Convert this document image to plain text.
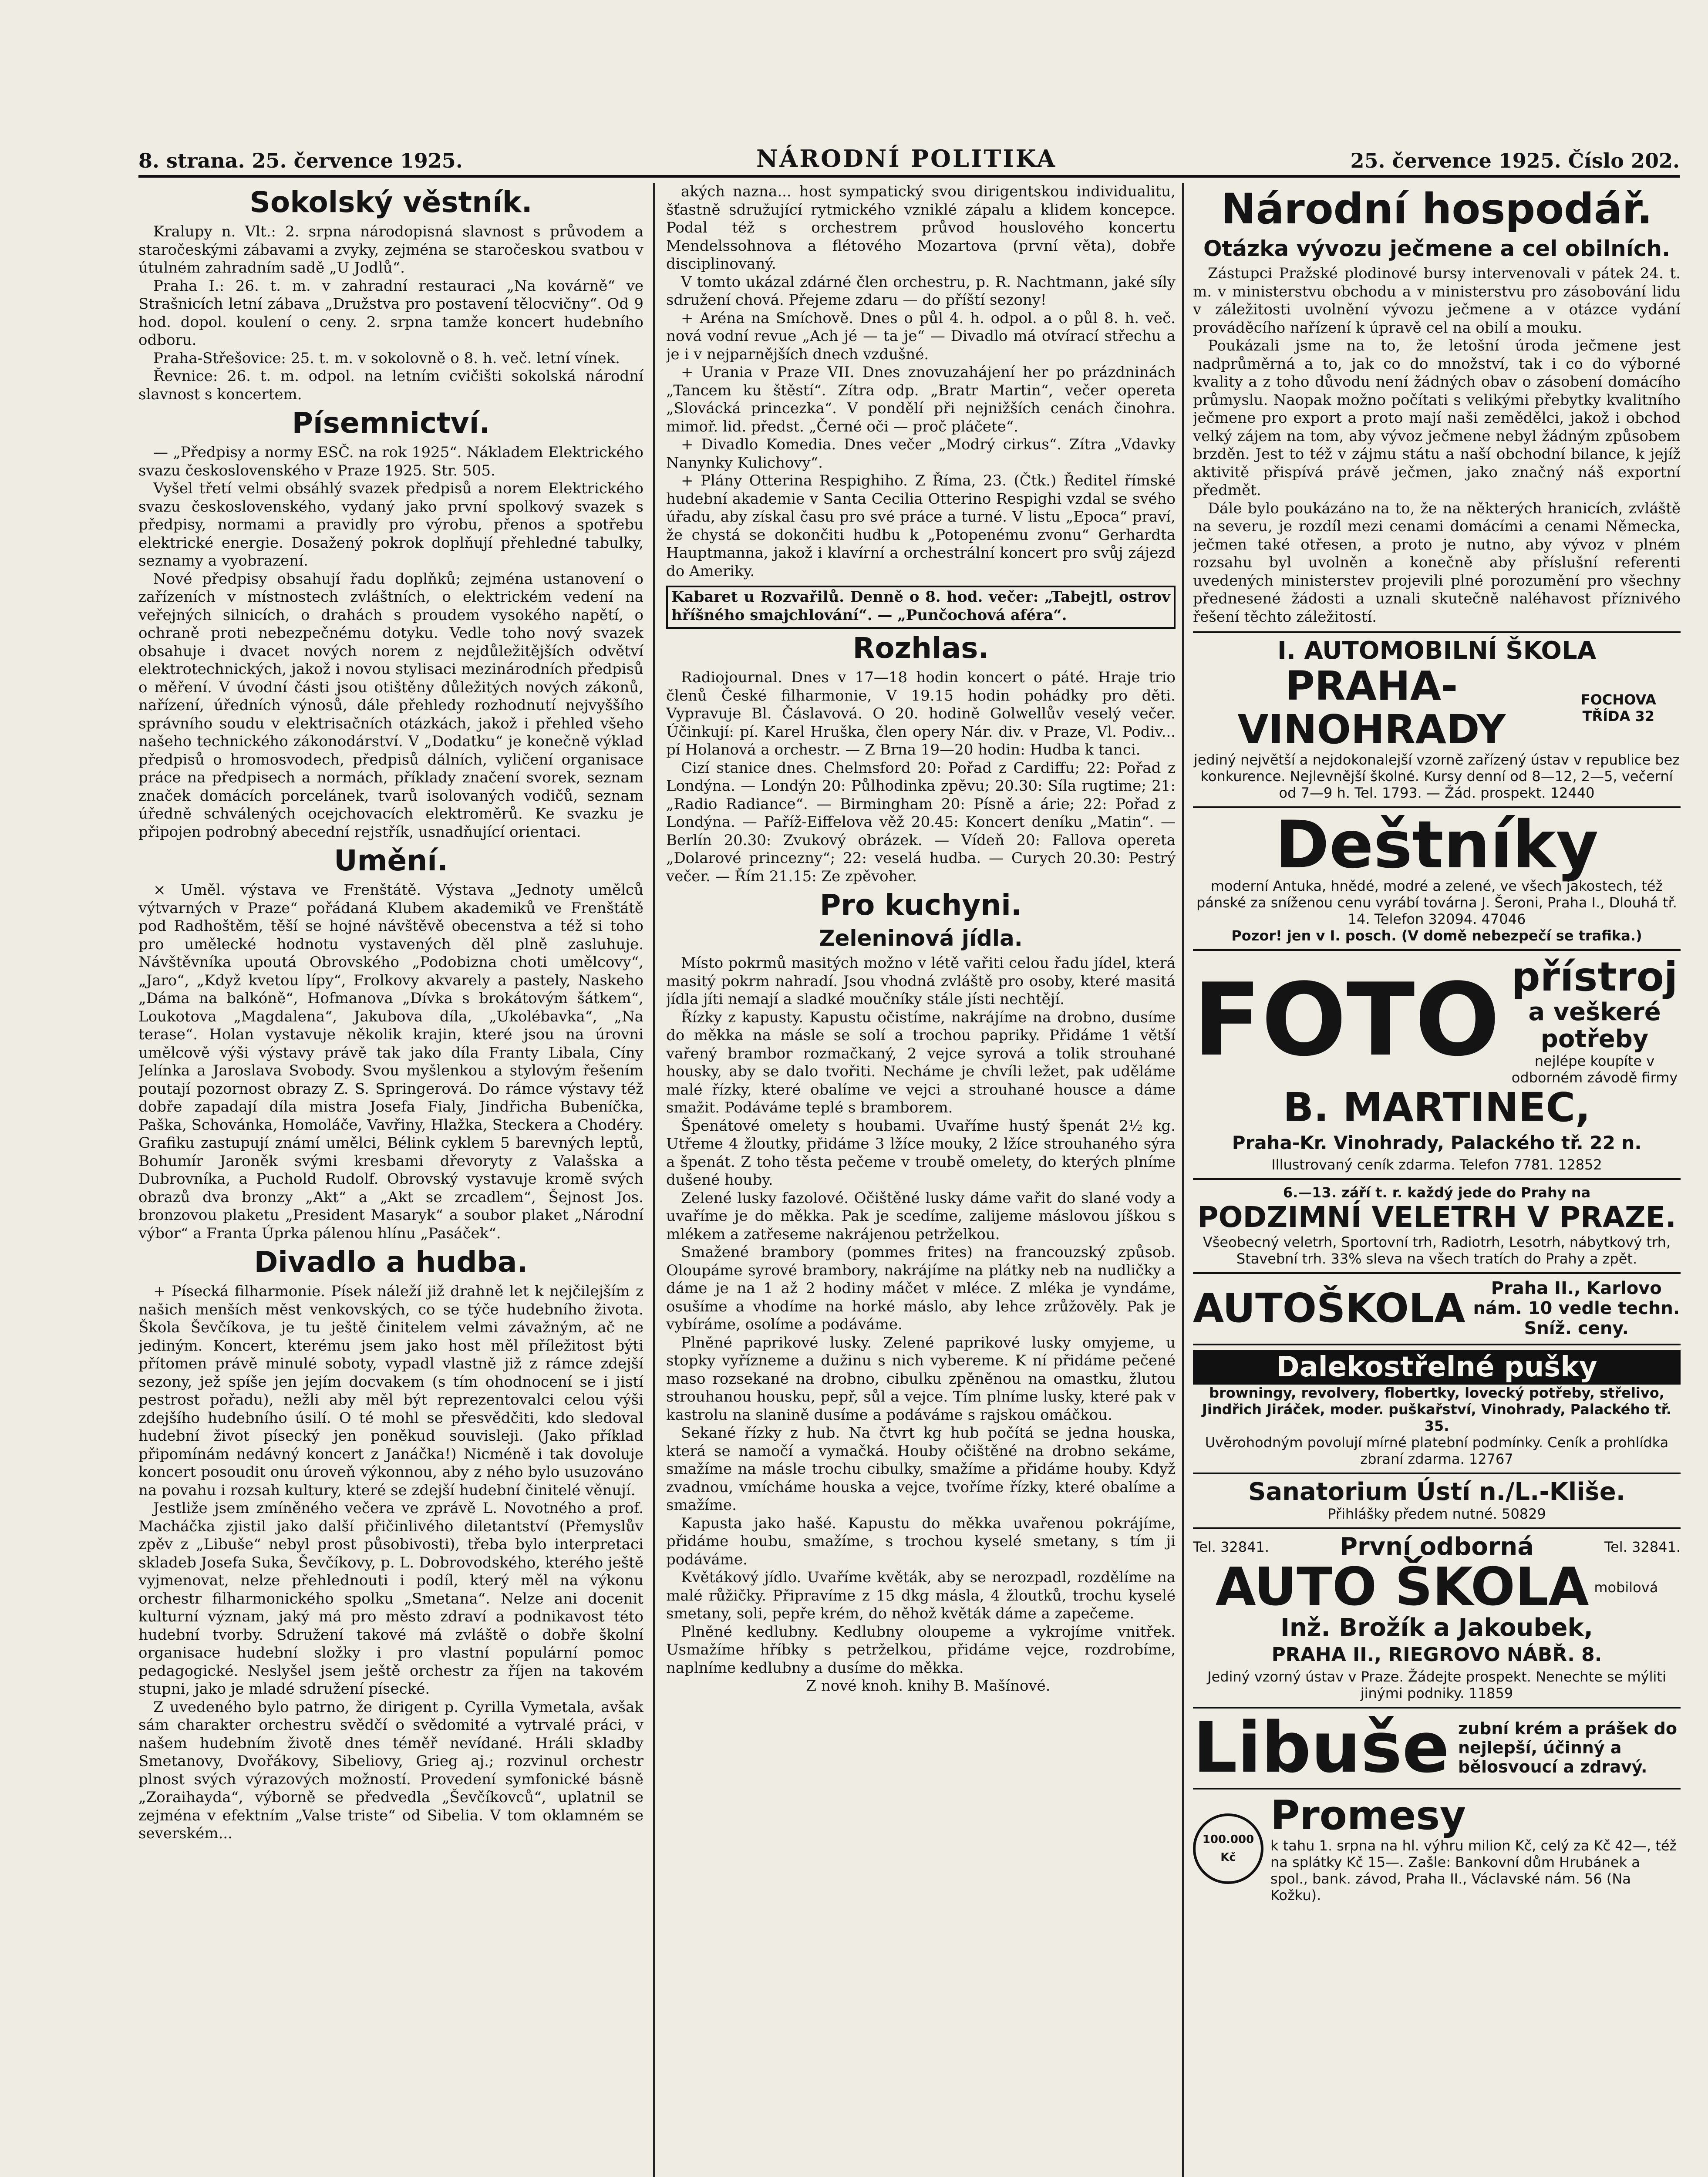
8. strana. 25. července 1925.	NÁRODNÍ POLITIKA	25. července 1925. Číslo 202.
Sokolský věstník.

Kralupy n. Vlt.: 2. srpna národopisná slavnost s průvodem a staročeskými zábavami a zvyky, zejména se staročeskou svatbou v útulném zahradním sadě „U Jodlů“.

Praha I.: 26. t. m. v zahradní restauraci „Na kovárně“ ve Strašnicích letní zábava „Družstva pro postavení tělocvičny“. Od 9 hod. dopol. koulení o ceny. 2. srpna tamže koncert hudebního odboru.

Praha-Střešovice: 25. t. m. v sokolovně o 8. h. več. letní vínek.

Řevnice: 26. t. m. odpol. na letním cvičišti sokolská národní slavnost s koncertem.

Písemnictví.

— „Předpisy a normy ESČ. na rok 1925“. Nákladem Elektrického svazu československého v Praze 1925. Str. 505.

Vyšel třetí velmi obsáhlý svazek předpisů a norem Elektrického svazu československého, vydaný jako první spolkový svazek s předpisy, normami a pravidly pro výrobu, přenos a spotřebu elektrické energie. Dosažený pokrok doplňují přehledné tabulky, seznamy a vyobrazení.

Nové předpisy obsahují řadu doplňků; zejména ustanovení o zařízeních v místnostech zvláštních, o elektrickém vedení na veřejných silnicích, o drahách s proudem vysokého napětí, o ochraně proti nebezpečnému dotyku. Vedle toho nový svazek obsahuje i dvacet nových norem z nejdůležitějších odvětví elektrotechnických, jakož i novou stylisaci mezinárodních předpisů o měření. V úvodní části jsou otištěny důležitých nových zákonů, nařízení, úředních výnosů, dále přehledy rozhodnutí nejvyššího správního soudu v elektrisačních otázkách, jakož i přehled všeho našeho technického zákonodárství. V „Dodatku“ je konečně výklad předpisů o hromosvodech, předpisů dálních, vyličení organisace práce na předpisech a normách, příklady značení svorek, seznam značek domácích porcelánek, tvarů isolovaných vodičů, seznam úředně schválených ocejchovacích elektroměrů. Ke svazku je připojen podrobný abecední rejstřík, usnadňující orientaci.

Umění.

× Uměl. výstava ve Frenštátě. Výstava „Jednoty umělců výtvarných v Praze“ pořádaná Klubem akademiků ve Frenštátě pod Radhoštěm, těší se hojné návštěvě obecenstva a též si toho pro umělecké hodnotu vystavených děl plně zasluhuje. Návštěvníka upoutá Obrovského „Podobizna choti umělcovy“, „Jaro“, „Když kvetou lípy“, Frolkovy akvarely a pastely, Naskeho „Dáma na balkóně“, Hofmanova „Dívka s brokátovým šátkem“, Loukotova „Magdalena“, Jakubova díla, „Ukolébavka“, „Na terase“. Holan vystavuje několik krajin, které jsou na úrovni umělcově výši výstavy právě tak jako díla Franty Libala, Cíny Jelínka a Jaroslava Svobody. Svou myšlenkou a stylovým řešením poutají pozornost obrazy Z. S. Springerová. Do rámce výstavy též dobře zapadají díla mistra Josefa Fialy, Jindřicha Bubeníčka, Paška, Schovánka, Homoláče, Vavřiny, Hlažka, Steckera a Chodéry. Grafiku zastupují známí umělci, Bélink cyklem 5 barevných leptů, Bohumír Jaroněk svými kresbami dřevoryty z Valašska a Dubrovníka, a Puchold Rudolf. Obrovský vystavuje kromě svých obrazů dva bronzy „Akt“ a „Akt se zrcadlem“, Šejnost Jos. bronzovou plaketu „President Masaryk“ a soubor plaket „Národní výbor“ a Franta Úprka pálenou hlínu „Pasáček“.

Divadlo a hudba.

+ Písecká filharmonie. Písek náleží již drahně let k nejčilejším z našich menších měst venkovských, co se týče hudebního života. Škola Ševčíkova, je tu ještě činitelem velmi závažným, ač ne jediným. Koncert, kterému jsem jako host měl příležitost býti přítomen právě minulé soboty, vypadl vlastně již z rámce zdejší sezony, jež spíše jen jejím docvakem (s tím ohodnocení se i jistí pestrost pořadu), nežli aby měl být reprezentovalci celou výši zdejšího hudebního úsilí. O té mohl se přesvědčiti, kdo sledoval hudební život písecký jen poněkud souvisleji. (Jako příklad připomínám nedávný koncert z Janáčka!) Nicméně i tak dovoluje koncert posoudit onu úroveň výkonnou, aby z ného bylo usuzováno na povahu i rozsah kultury, které se zdejší hudební činitelé věnují.

Jestliže jsem zmíněného večera ve zprávě L. Novotného a prof. Macháčka zjistil jako další přičinlivého diletantství (Přemyslův zpěv z „Libuše“ nebyl prost působivosti), třeba bylo interpretaci skladeb Josefa Suka, Ševčíkovy, p. L. Dobrovodského, kterého ještě vyjmenovat, nelze přehlednouti i podíl, který měl na výkonu orchestr filharmonického spolku „Smetana“. Nelze ani docenit kulturní význam, jaký má pro město zdraví a podnikavost této hudební tvorby. Sdružení takové má zvláště o dobře školní organisace hudební složky i pro vlastní populární pomoc pedagogické. Neslyšel jsem ještě orchestr za říjen na takovém stupni, jako je mladé sdružení písecké.

Z uvedeného bylo patrno, že dirigent p. Cyrilla Vymetala, avšak sám charakter orchestru svědčí o svědomité a vytrvalé práci, v našem hudebním životě dnes téměř nevídané. Hráli skladby Smetanovy, Dvořákovy, Sibeliovy, Grieg aj.; rozvinul orchestr plnost svých výrazových možností. Provedení symfonické básně „Zoraihayda“, výborně se předvedla „Ševčíkovců“, uplatnil se zejména v efektním „Valse triste“ od Sibelia. V tom oklamném se severském...

akých nazna... host sympatický svou dirigentskou individualitu, šťastně sdružující rytmického vzniklé zápalu a klidem koncepce. Podal též s orchestrem průvod houslového koncertu Mendelssohnova a flétového Mozartova (první věta), dobře disciplinovaný.

V tomto ukázal zdárné člen orchestru, p. R. Nachtmann, jaké síly sdružení chová. Přejeme zdaru — do příští sezony!

+ Aréna na Smíchově. Dnes o půl 4. h. odpol. a o půl 8. h. več. nová vodní revue „Ach jé — ta je“ — Divadlo má otvírací střechu a je i v nejparnějších dnech vzdušné.

+ Urania v Praze VII. Dnes znovuzahájení her po prázdninách „Tancem ku štěstí“. Zítra odp. „Bratr Martin“, večer opereta „Slovácká princezka“. V pondělí při nejnižších cenách činohra. mimoř. lid. předst. „Černé oči — proč pláčete“.

+ Divadlo Komedia. Dnes večer „Modrý cirkus“. Zítra „Vdavky Nanynky Kulichovy“.

+ Plány Otterina Respighiho. Z Říma, 23. (Čtk.) Ředitel římské hudební akademie v Santa Cecilia Otterino Respighi vzdal se svého úřadu, aby získal času pro své práce a turné. V listu „Epoca“ praví, že chystá se dokončiti hudbu k „Potopenému zvonu“ Gerhardta Hauptmanna, jakož i klavírní a orchestrální koncert pro svůj zájezd do Ameriky.

Kabaret u Rozvařilů. Denně o 8. hod. večer: „Tabejtl, ostrov hříšného smajchlování“. — „Punčochová aféra“.
Rozhlas.

Radiojournal. Dnes v 17—18 hodin koncert o páté. Hraje trio členů České filharmonie, V 19.15 hodin pohádky pro děti. Vypravuje Bl. Čáslavová. O 20. hodině Golwellův veselý večer. Účinkují: pí. Karel Hruška, člen opery Nár. div. v Praze, Vl. Podiv... pí Holanová a orchestr. — Z Brna 19—20 hodin: Hudba k tanci.

Cizí stanice dnes. Chelmsford 20: Pořad z Cardiffu; 22: Pořad z Londýna. — Londýn 20: Půlhodinka zpěvu; 20.30: Síla rugtime; 21: „Radio Radiance“. — Birmingham 20: Písně a árie; 22: Pořad z Londýna. — Paříž-Eiffelova věž 20.45: Koncert deníku „Matin“. — Berlín 20.30: Zvukový obrázek. — Vídeň 20: Fallova opereta „Dolarové princezny“; 22: veselá hudba. — Curych 20.30: Pestrý večer. — Řím 21.15: Ze zpěvoher.

Pro kuchyni.
Zeleninová jídla.

Místo pokrmů masitých možno v létě vařiti celou řadu jídel, která masitý pokrm nahradí. Jsou vhodná zvláště pro osoby, které masitá jídla jíti nemají a sladké moučníky stále jísti nechtějí.

Řízky z kapusty. Kapustu očistíme, nakrájíme na drobno, dusíme do měkka na másle se solí a trochou papriky. Přidáme 1 větší vařený brambor rozmačkaný, 2 vejce syrová a tolik strouhané housky, aby se dalo tvořiti. Necháme je chvíli ležet, pak uděláme malé řízky, které obalíme ve vejci a strouhané housce a dáme smažit. Podáváme teplé s bramborem.

Špenátové omelety s houbami. Uvaříme hustý špenát 2½ kg. Utřeme 4 žloutky, přidáme 3 lžíce mouky, 2 lžíce strouhaného sýra a špenát. Z toho těsta pečeme v troubě omelety, do kterých plníme dušené houby.

Zelené lusky fazolové. Očištěné lusky dáme vařit do slané vody a uvaříme je do měkka. Pak je scedíme, zalijeme máslovou jíškou s mlékem a zatřeseme nakrájenou petrželkou.

Smažené brambory (pommes frites) na francouzský způsob. Oloupáme syrové brambory, nakrájíme na plátky neb na nudličky a dáme je na 1 až 2 hodiny máčet v mléce. Z mléka je vyndáme, osušíme a vhodíme na horké máslo, aby lehce zrůžověly. Pak je vybíráme, osolíme a podáváme.

Plněné paprikové lusky. Zelené paprikové lusky omyjeme, u stopky vyřízneme a dužinu s nich vybereme. K ní přidáme pečené maso rozsekané na drobno, cibulku zpěněnou na omastku, žlutou strouhanou housku, pepř, sůl a vejce. Tím plníme lusky, které pak v kastrolu na slanině dusíme a podáváme s rajskou omáčkou.

Sekané řízky z hub. Na čtvrt kg hub počítá se jedna houska, která se namočí a vymačká. Houby očištěné na drobno sekáme, smažíme na másle trochu cibulky, smažíme a přidáme houby. Když zvadnou, vmícháme houska a vejce, tvoříme řízky, které obalíme a smažíme.

Kapusta jako hašé. Kapustu do měkka uvařenou pokrájíme, přidáme houbu, smažíme, s trochou kyselé smetany, s tím ji podáváme.

Květákový jídlo. Uvaříme květák, aby se nerozpadl, rozdělíme na malé růžičky. Připravíme z 15 dkg másla, 4 žloutků, trochu kyselé smetany, soli, pepře krém, do něhož květák dáme a zapečeme.

Plněné kedlubny. Kedlubny oloupeme a vykrojíme vnitřek. Usmažíme hříbky s petrželkou, přidáme vejce, rozdrobíme, naplníme kedlubny a dusíme do měkka.

Z nové knoh. knihy B. Mašínové.

Národní hospodář.
Otázka vývozu ječmene a cel obilních.

Zástupci Pražské plodinové bursy intervenovali v pátek 24. t. m. v ministerstvu obchodu a v ministerstvu pro zásobování lidu v záležitosti uvolnění vývozu ječmene a v otázce vydání prováděcího nařízení k úpravě cel na obilí a mouku.

Poukázali jsme na to, že letošní úroda ječmene jest nadprůměrná a to, jak co do množství, tak i co do výborné kvality a z toho důvodu není žádných obav o zásobení domácího průmyslu. Naopak možno počítati s velikými přebytky kvalitního ječmene pro export a proto mají naši zemědělci, jakož i obchod velký zájem na tom, aby vývoz ječmene nebyl žádným způsobem brzděn. Jest to též v zájmu státu a naší obchodní bilance, k jejíž aktivitě přispívá právě ječmen, jako značný náš exportní předmět.

Dále bylo poukázáno na to, že na některých hranicích, zvláště na severu, je rozdíl mezi cenami domácími a cenami Německa, ječmen také otřesen, a proto je nutno, aby vývoz v plném rozsahu byl uvolněn a konečně aby příslušní referenti uvedených ministerstev projevili plné porozumění pro všechny přednesené žádosti a uznali skutečně naléhavost příznivého řešení těchto záležitostí.

I. AUTOMOBILNÍ ŠKOLA
PRAHA-VINOHRADY
FOCHOVA TŘÍDA 32
jediný největší a nejdokonalejší vzorně zařízený ústav v republice bez konkurence. Nejlevnější školné. Kursy denní od 8—12, 2—5, večerní od 7—9 h. Tel. 1793. — Žád. prospekt. 12440
Deštníky
moderní Antuka, hnědé, modré a zelené, ve všech jakostech, též pánské za sníženou cenu vyrábí továrna J. Šeroni, Praha I., Dlouhá tř. 14. Telefon 32094. 47046
Pozor! jen v I. posch. (V domě nebezpečí se trafika.)
FOTO přístroj
a veškeré potřeby
nejlépe koupíte v odborném závodě firmy
B. MARTINEC,
Praha-Kr. Vinohrady, Palackého tř. 22 n.
Illustrovaný ceník zdarma. Telefon 7781. 12852
6.—13. září t. r. každý jede do Prahy na
PODZIMNÍ VELETRH V PRAZE.
Všeobecný veletrh, Sportovní trh, Radiotrh, Lesotrh, nábytkový trh, Stavební trh. 33% sleva na všech tratích do Prahy a zpět.
AUTOŠKOLA	Praha II., Karlovo nám. 10 vedle techn. Sníž. ceny.
Dalekostřelné pušky
browningy, revolvery, flobertky, lovecký potřeby, střelivo,
Jindřich Jiráček, moder. puškařství, Vinohrady, Palackého tř. 35.
Uvěrohodným povolují mírné platební podmínky. Ceník a prohlídka zbraní zdarma. 12767
Sanatorium Ústí n./L.-Kliše.
Přihlášky předem nutné. 50829
Tel. 32841.	První odborná	Tel. 32841.
AUTO ŠKOLA mobilová
Inž. Brožík a Jakoubek,
PRAHA II., RIEGROVO NÁBŘ. 8.
Jediný vzorný ústav v Praze. Žádejte prospekt. Nenechte se mýliti jinými podniky. 11859
Libuše zubní krém a prášek do nejlepší, účinný a bělosvoucí a zdravý.
100.000 Kč
Promesy
k tahu 1. srpna na hl. výhru milion Kč, celý za Kč 42—, též na splátky Kč 15—. Zašle: Bankovní dům Hrubánek a spol., bank. závod, Praha II., Václavské nám. 56 (Na Kožku).
